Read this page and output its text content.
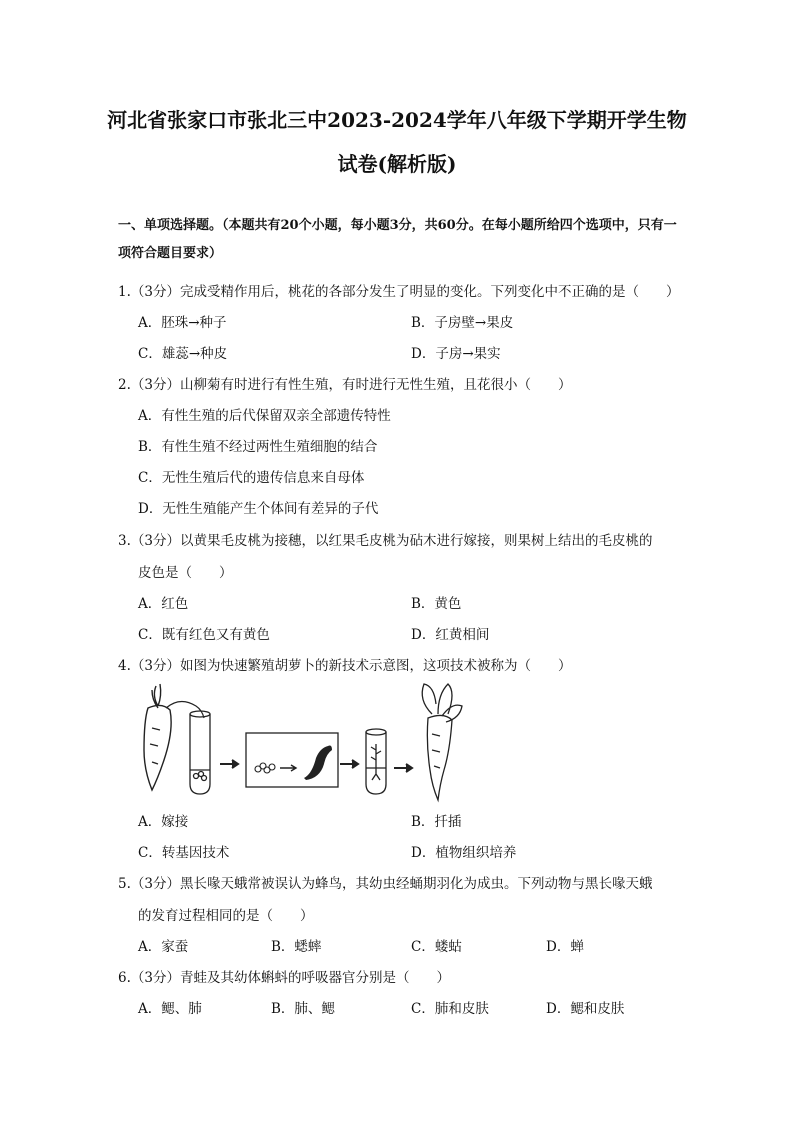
河北省张家口市张北三中2023-2024学年八年级下学期开学生物
试卷(解析版)
一、单项选择题。（本题共有20个小题，每小题3分，共60分。在每小题所给四个选项中，只有一项符合题目要求）
1.（3分）完成受精作用后，桃花的各部分发生了明显的变化。下列变化中不正确的是（　　）
A．胚珠→种子	B．子房壁→果皮
C．雄蕊→种皮	D．子房→果实
2.（3分）山柳菊有时进行有性生殖，有时进行无性生殖，且花很小（　　）
A．有性生殖的后代保留双亲全部遗传特性
B．有性生殖不经过两性生殖细胞的结合
C．无性生殖后代的遗传信息来自母体
D．无性生殖能产生个体间有差异的子代
3.（3分）以黄果毛皮桃为接穗，以红果毛皮桃为砧木进行嫁接，则果树上结出的毛皮桃的
皮色是（　　）
A．红色	B．黄色
C．既有红色又有黄色	D．红黄相间
4.（3分）如图为快速繁殖胡萝卜的新技术示意图，这项技术被称为（　　）
A．嫁接	B．扦插
C．转基因技术	D．植物组织培养
5.（3分）黑长喙天蛾常被误认为蜂鸟，其幼虫经蛹期羽化为成虫。下列动物与黑长喙天蛾
的发育过程相同的是（　　）
A．家蚕	B．蟋蟀	C．蝼蛄	D．蝉
6.（3分）青蛙及其幼体蝌蚪的呼吸器官分别是（　　）
A．鳃、肺	B．肺、鳃	C．肺和皮肤	D．鳃和皮肤
